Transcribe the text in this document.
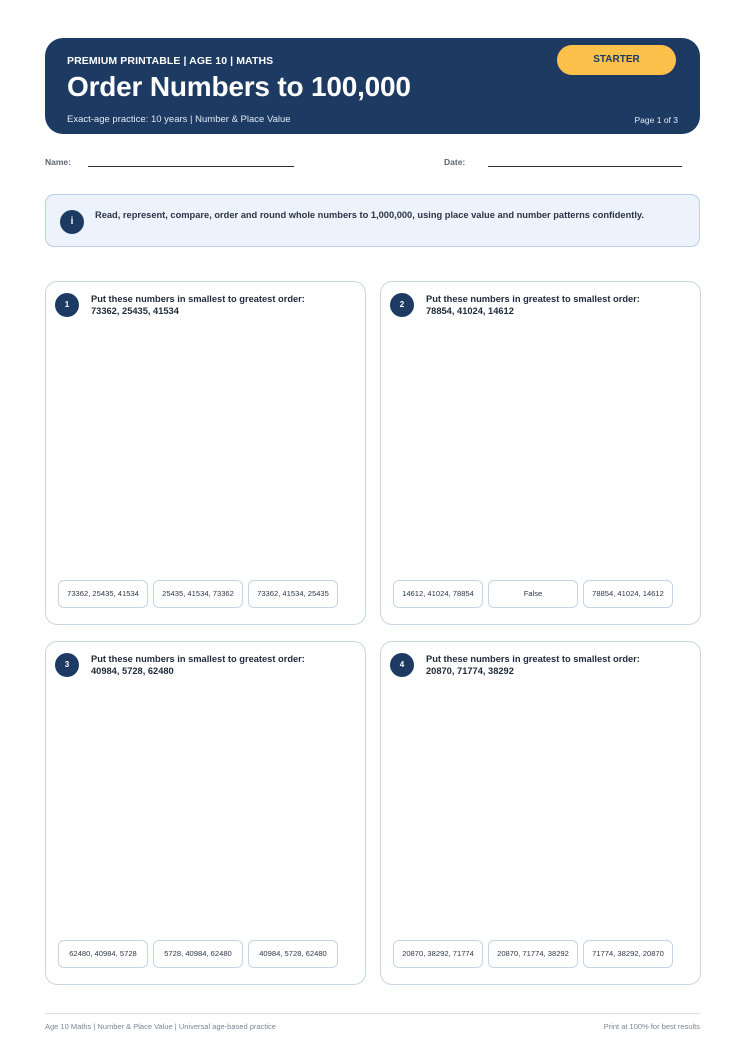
PREMIUM PRINTABLE | AGE 10 | MATHS
Order Numbers to 100,000
Exact-age practice: 10 years | Number & Place Value	Page 1 of 3
STARTER
Name:	Date:
i
Read, represent, compare, order and round whole numbers to 1,000,000, using place value and number patterns confidently.
1
Put these numbers in smallest to greatest order:
73362, 25435, 41534
73362, 25435, 41534	25435, 41534, 73362	73362, 41534, 25435
2
Put these numbers in greatest to smallest order:
78854, 41024, 14612
14612, 41024, 78854	False	78854, 41024, 14612
3
Put these numbers in smallest to greatest order:
40984, 5728, 62480
62480, 40984, 5728	5728, 40984, 62480	40984, 5728, 62480
4
Put these numbers in greatest to smallest order:
20870, 71774, 38292
20870, 38292, 71774	20870, 71774, 38292	71774, 38292, 20870
Age 10 Maths | Number & Place Value | Universal age-based practice	Print at 100% for best results
